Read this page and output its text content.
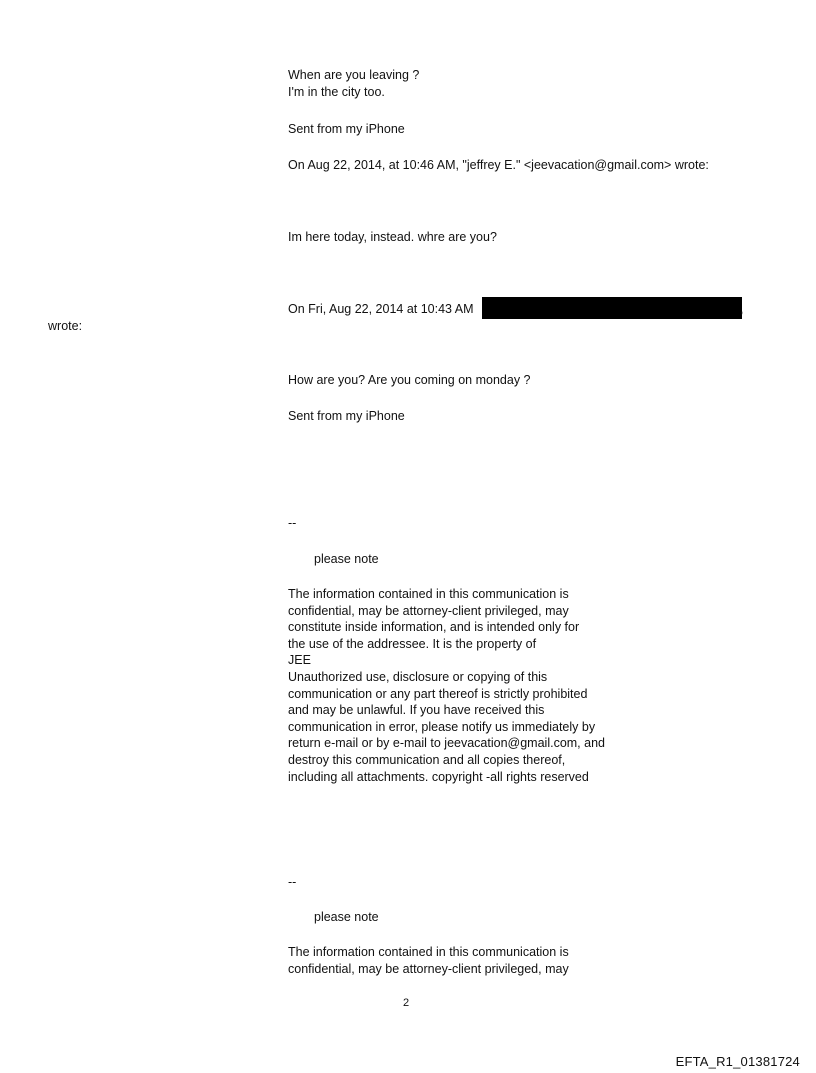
When are you leaving ?
I'm in the city too.
Sent from my iPhone
On Aug 22, 2014, at 10:46 AM, "jeffrey E." <jeevacation@gmail.com> wrote:
Im here today, instead. whre are you?
On Fri, Aug 22, 2014 at 10:43 AM	,
wrote:
How are you? Are you coming on monday ?
Sent from my iPhone
--
please note
The information contained in this communication is
confidential, may be attorney-client privileged, may
constitute inside information, and is intended only for
the use of the addressee. It is the property of
JEE
Unauthorized use, disclosure or copying of this
communication or any part thereof is strictly prohibited
and may be unlawful. If you have received this
communication in error, please notify us immediately by
return e-mail or by e-mail to jeevacation@gmail.com, and
destroy this communication and all copies thereof,
including all attachments. copyright -all rights reserved
--
please note
The information contained in this communication is
confidential, may be attorney-client privileged, may
2
EFTA_R1_01381724
